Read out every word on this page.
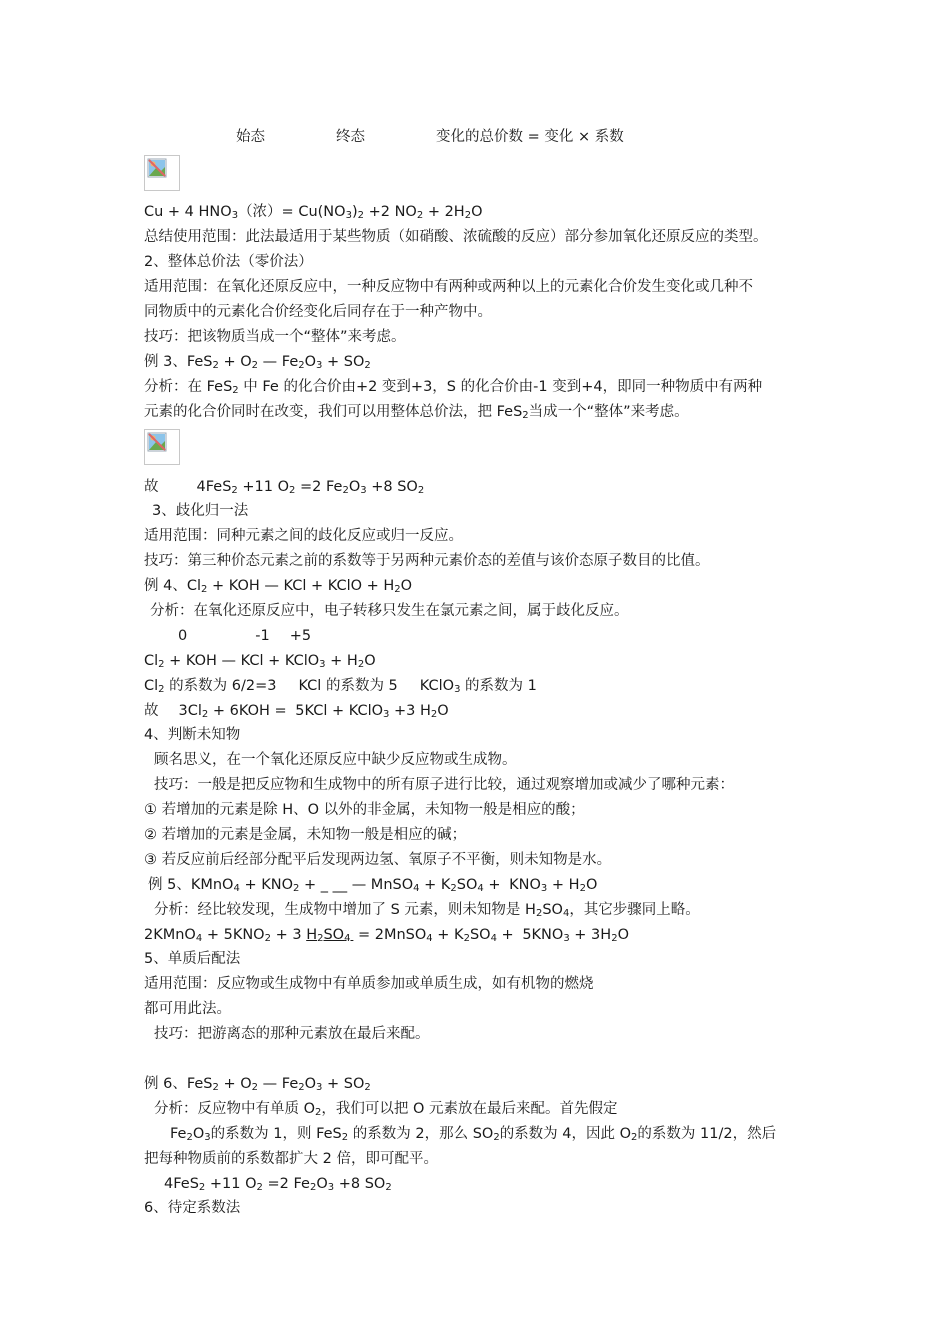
始态	终态	变化的总价数 = 变化 × 系数
Cu + 4 $HNO_3$（浓）= $Cu(NO_3)_2 +2$ $NO_2 + 2H_2O$
总结使用范围：此法最适用于某些物质（如硝酸、浓硫酸的反应）部分参加氧化还原反应的类型。
2、整体总价法（零价法）
适用范围：在氧化还原反应中，一种反应物中有两种或两种以上的元素化合价发生变化或几种不
同物质中的元素化合价经变化后同存在于一种产物中。
技巧：把该物质当成一个“整体”来考虑。
例 3、$FeS_2 + O_2$ — $Fe_2O_3 + SO_2$
分析：在 FeS$_2$ 中 Fe 的化合价由+2 变到+3，S 的化合价由-1 变到+4，即同一种物质中有两种
元素的化合价同时在改变，我们可以用整体总价法，把 FeS$_2$当成一个“整体”来考虑。
故	4FeS$_2$ +11 $O_2 =2$ $Fe_2O_3 +8$ $SO_2$
3、歧化归一法
适用范围：同种元素之间的歧化反应或归一反应。
技巧：第三种价态元素之前的系数等于另两种元素价态的差值与该价态原子数目的比值。
例 4、$Cl_2$ + KOH — KCl + KClO + $H_2O$
分析：在氧化还原反应中，电子转移只发生在氯元素之间，属于歧化反应。
0	-1 +5
$Cl_2$ + KOH — KCl + KClO$_3$ + $H_2O$
$Cl_2$ 的系数为 6/2=3 KCl 的系数为 5 KClO$_3$ 的系数为 1
故 $3Cl_2 + 6KOH = 5KCl$ + KClO$_3$ +3 $H_2O$
4、判断未知物
顾名思义，在一个氧化还原反应中缺少反应物或生成物。
技巧：一般是把反应物和生成物中的所有原子进行比较，通过观察增加或减少了哪种元素：
① 若增加的元素是除 H、O 以外的非金属，未知物一般是相应的酸；
② 若增加的元素是金属，未知物一般是相应的碱；
③ 若反应前后经部分配平后发现两边氢、氧原子不平衡，则未知物是水。
例 5、KMnO$_4$ + $KNO_2$ + _ __ — MnSO$_4$ + $K_2SO_4 + KNO_3 + H_2O$
分析：经比较发现，生成物中增加了 S 元素，则未知物是 $H_2SO_4$，其它步骤同上略。
2KMnO$_4$ + $5KNO_2 + 3$ $H_2SO_4$  = 2MnSO$_4$ + $K_2SO_4 + 5KNO_3 + 3H_2O$
5、单质后配法
适用范围：反应物或生成物中有单质参加或单质生成，如有机物的燃烧
都可用此法。
技巧：把游离态的那种元素放在最后来配。
例 6、$FeS_2 + O_2$ — $Fe_2O_3 + SO_2$
分析：反应物中有单质 $O_2$，我们可以把 O 元素放在最后来配。首先假定
$Fe_2O_3$的系数为 1，则 FeS$_2$ 的系数为 2，那么 $SO_2$的系数为 4，因此 $O_2$的系数为 11/2，然后
把每种物质前的系数都扩大 2 倍，即可配平。
4FeS$_2$ +11 $O_2 =2$ $Fe_2O_3 +8$ $SO_2$
6、待定系数法
